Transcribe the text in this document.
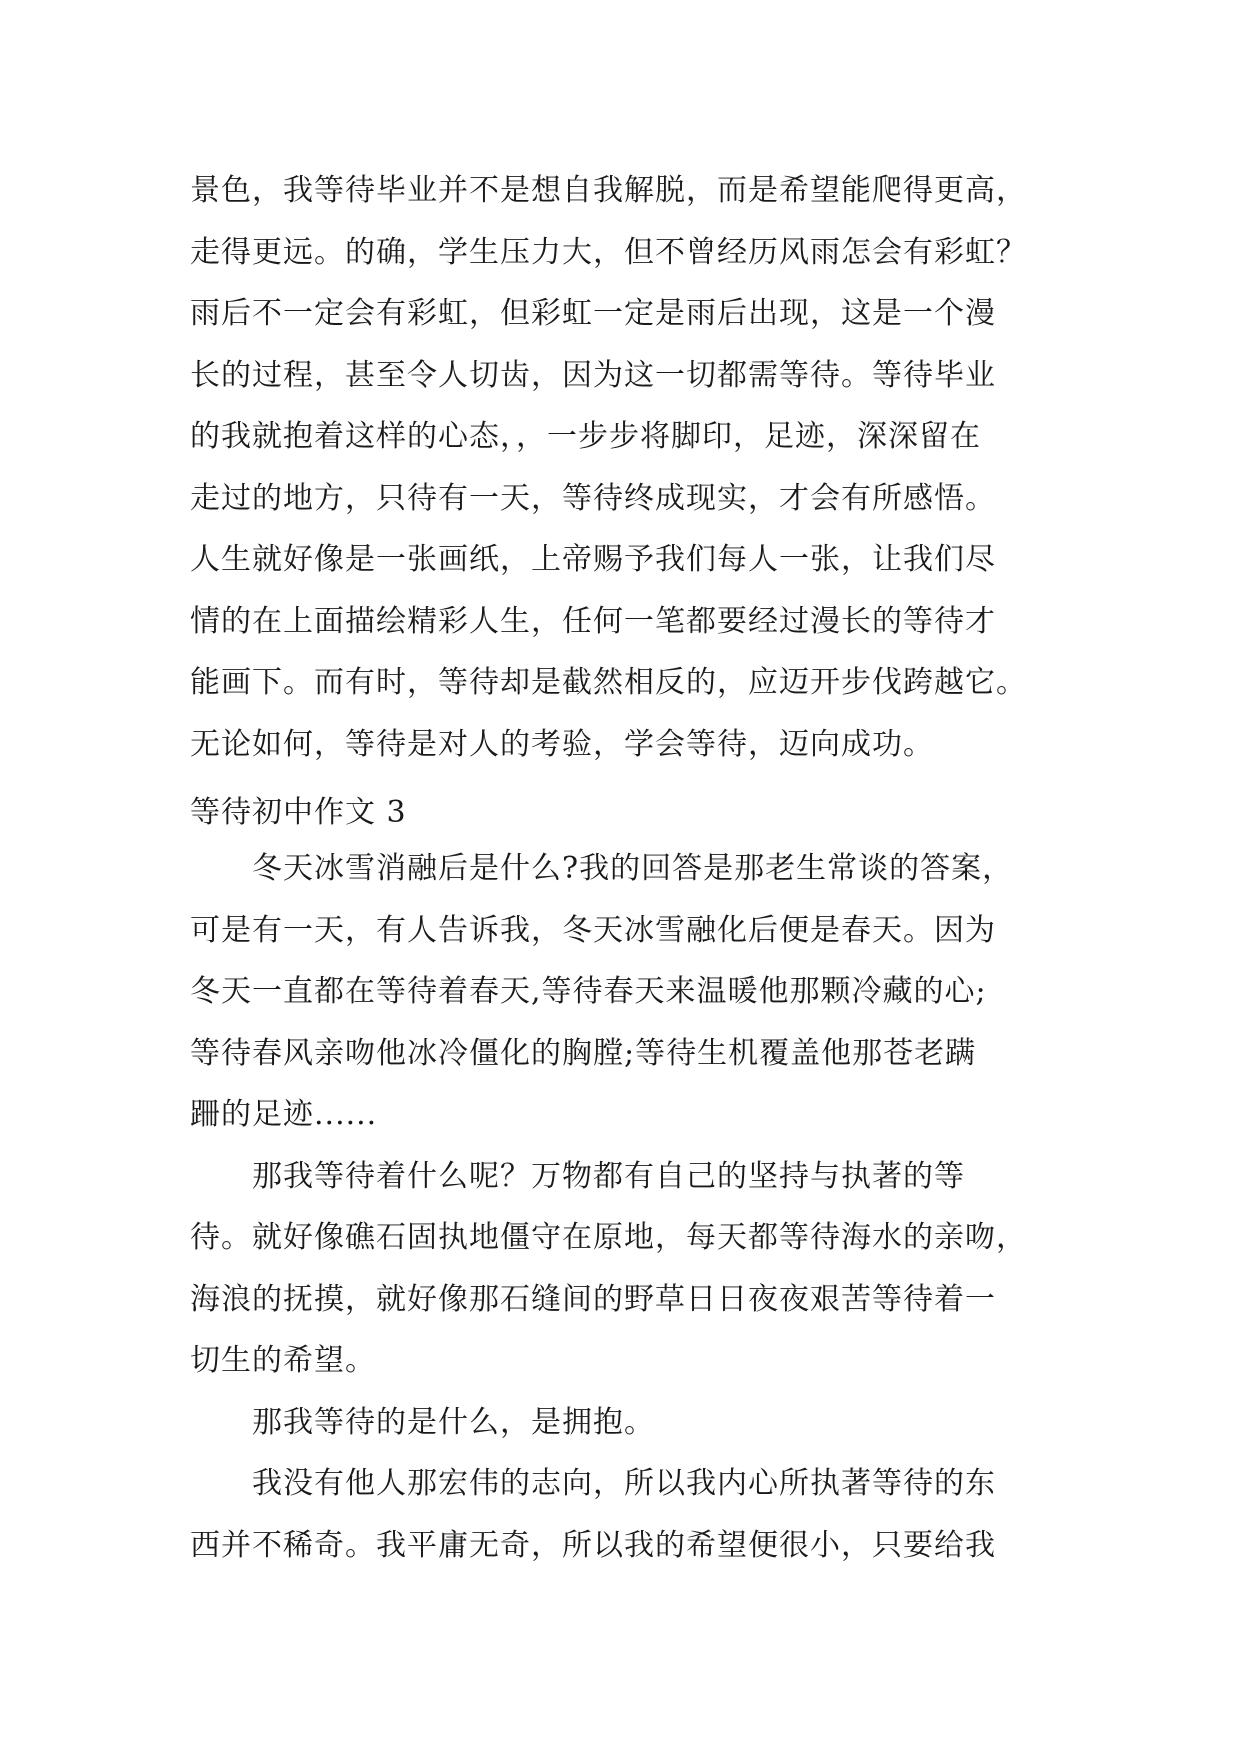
景色，我等待毕业并不是想自我解脱，而是希望能爬得更高，
走得更远。的确，学生压力大，但不曾经历风雨怎会有彩虹？
雨后不一定会有彩虹，但彩虹一定是雨后出现，这是一个漫
长的过程，甚至令人切齿，因为这一切都需等待。等待毕业
的我就抱着这样的心态，，一步步将脚印，足迹，深深留在
走过的地方，只待有一天，等待终成现实，才会有所感悟。
人生就好像是一张画纸，上帝赐予我们每人一张，让我们尽
情的在上面描绘精彩人生，任何一笔都要经过漫长的等待才
能画下。而有时，等待却是截然相反的，应迈开步伐跨越它。
无论如何，等待是对人的考验，学会等待，迈向成功。
等待初中作文 3
冬天冰雪消融后是什么?我的回答是那老生常谈的答案，
可是有一天，有人告诉我，冬天冰雪融化后便是春天。因为
冬天一直都在等待着春天,等待春天来温暖他那颗冷藏的心;
等待春风亲吻他冰冷僵化的胸膛;等待生机覆盖他那苍老蹒
跚的足迹......
那我等待着什么呢？万物都有自己的坚持与执著的等
待。就好像礁石固执地僵守在原地，每天都等待海水的亲吻，
海浪的抚摸，就好像那石缝间的野草日日夜夜艰苦等待着一
切生的希望。
那我等待的是什么，是拥抱。
我没有他人那宏伟的志向，所以我内心所执著等待的东
西并不稀奇。我平庸无奇，所以我的希望便很小，只要给我
